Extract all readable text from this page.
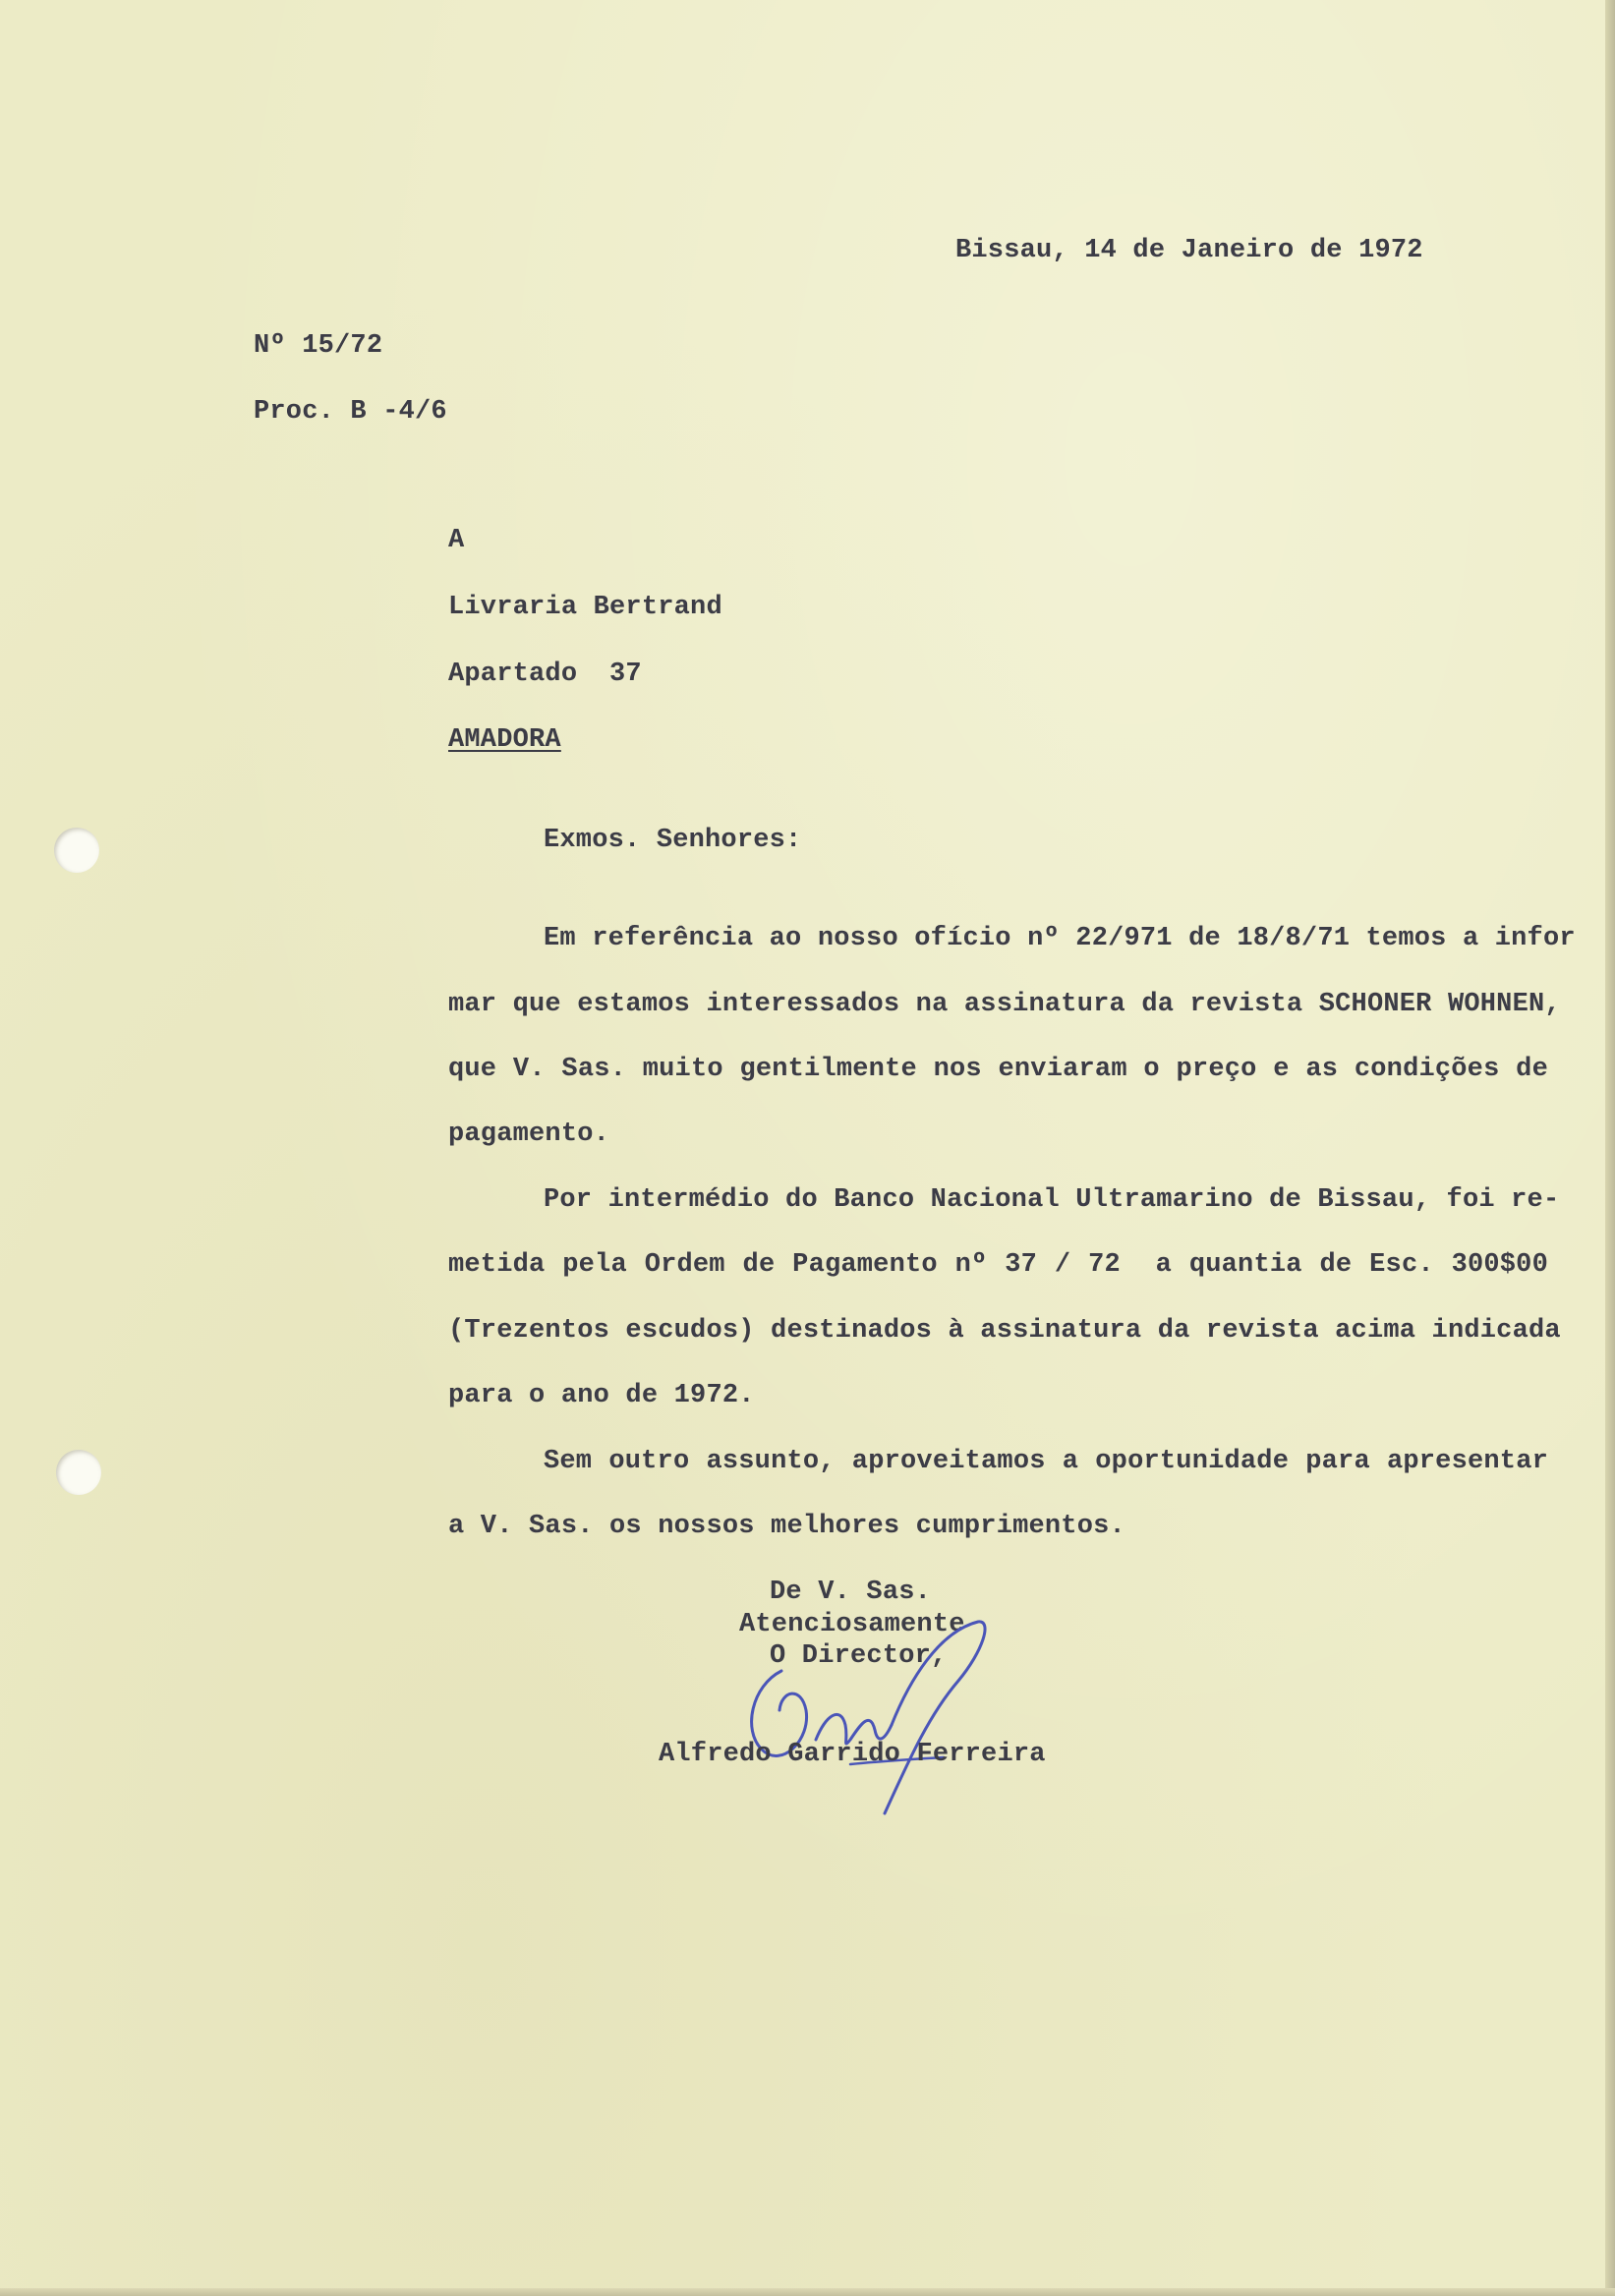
Bissau, 14 de Janeiro de 1972
Nº 15/72
Proc. B -4/6
A
Livraria Bertrand
Apartado  37
AMADORA
Exmos. Senhores:
Em referência ao nosso ofício nº 22/971 de 18/8/71 temos a infor
mar que estamos interessados na assinatura da revista SCHONER WOHNEN,
que V. Sas. muito gentilmente nos enviaram o preço e as condições de
pagamento.
Por intermédio do Banco Nacional Ultramarino de Bissau, foi re-
metida pela Ordem de Pagamento nº 37 / 72  a quantia de Esc. 300$00
(Trezentos escudos) destinados à assinatura da revista acima indicada
para o ano de 1972.
Sem outro assunto, aproveitamos a oportunidade para apresentar
a V. Sas. os nossos melhores cumprimentos.
De V. Sas.
Atenciosamente
O Director,
Alfredo Garrido Ferreira
